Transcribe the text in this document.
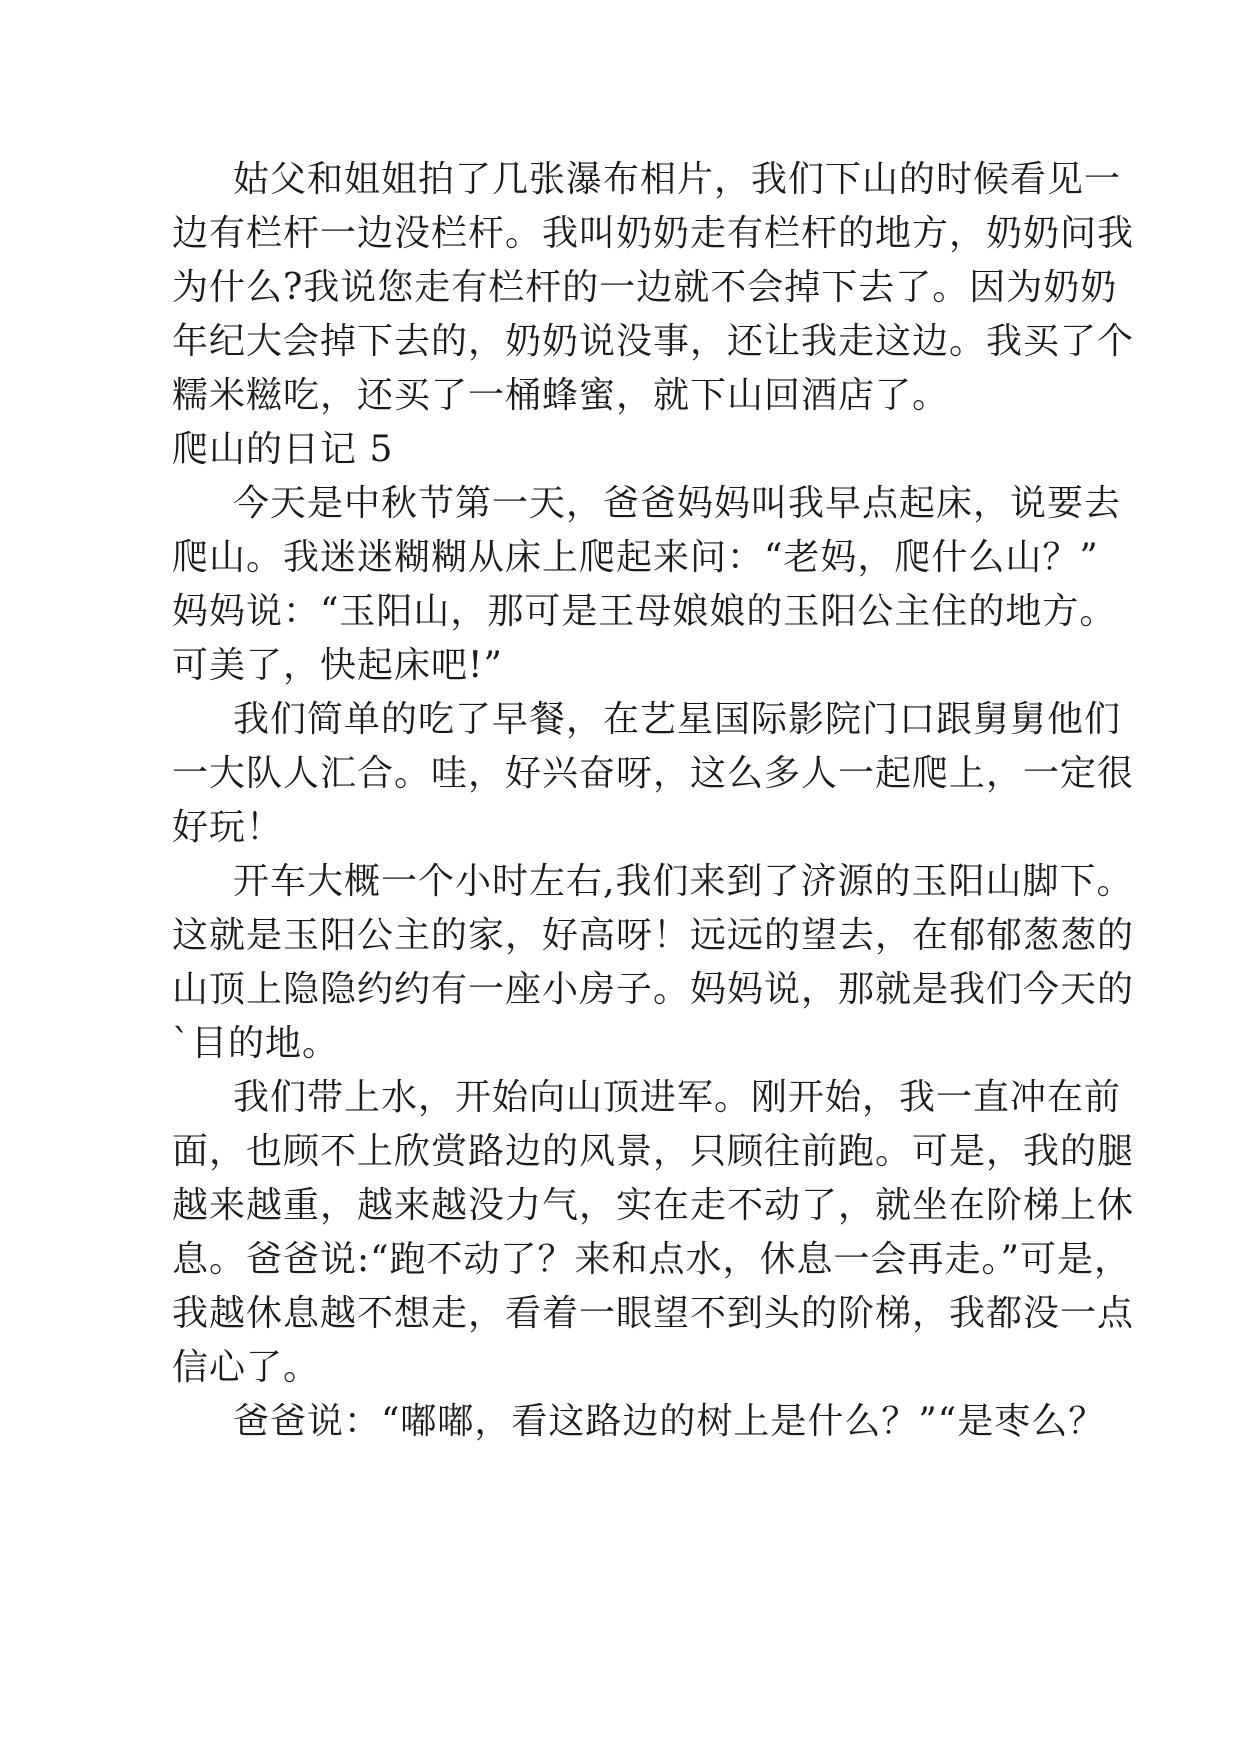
姑父和姐姐拍了几张瀑布相片，我们下山的时候看见一
边有栏杆一边没栏杆。我叫奶奶走有栏杆的地方，奶奶问我
为什么?我说您走有栏杆的一边就不会掉下去了。因为奶奶
年纪大会掉下去的，奶奶说没事，还让我走这边。我买了个
糯米糍吃，还买了一桶蜂蜜，就下山回酒店了。
爬山的日记 5
今天是中秋节第一天，爸爸妈妈叫我早点起床，说要去
爬山。我迷迷糊糊从床上爬起来问：“老妈，爬什么山？”
妈妈说：“玉阳山，那可是王母娘娘的玉阳公主住的地方。
可美了，快起床吧!”
我们简单的吃了早餐，在艺星国际影院门口跟舅舅他们
一大队人汇合。哇，好兴奋呀，这么多人一起爬上，一定很
好玩！
开车大概一个小时左右,我们来到了济源的玉阳山脚下。
这就是玉阳公主的家，好高呀！远远的望去，在郁郁葱葱的
山顶上隐隐约约有一座小房子。妈妈说，那就是我们今天的
`目的地。
我们带上水，开始向山顶进军。刚开始，我一直冲在前
面，也顾不上欣赏路边的风景，只顾往前跑。可是，我的腿
越来越重，越来越没力气，实在走不动了，就坐在阶梯上休
息。爸爸说:“跑不动了？来和点水，休息一会再走。”可是，
我越休息越不想走，看着一眼望不到头的阶梯，我都没一点
信心了。
爸爸说：“嘟嘟，看这路边的树上是什么？”“是枣么？
